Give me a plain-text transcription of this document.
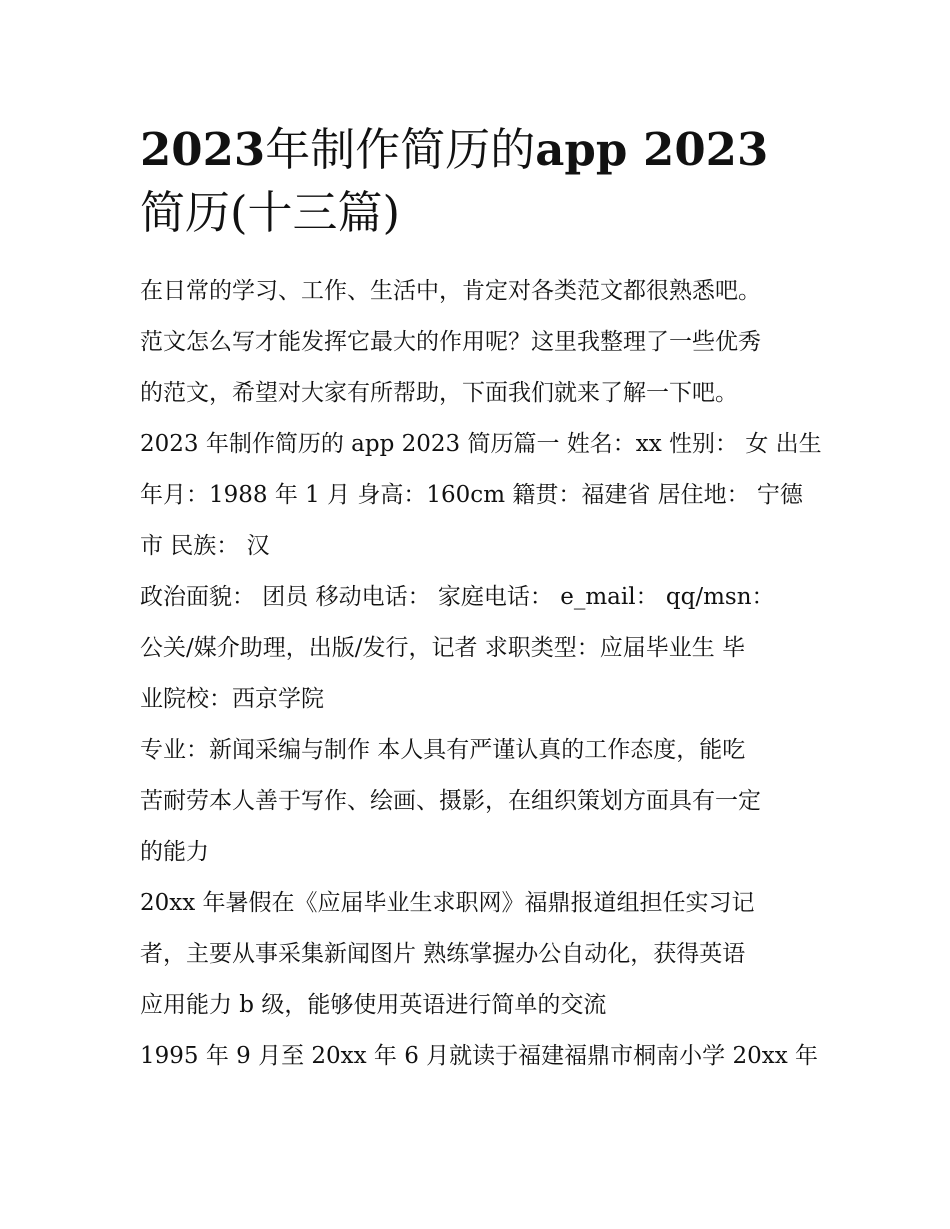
2023年制作简历的app 2023
简历(十三篇)

在日常的学习、工作、生活中，肯定对各类范文都很熟悉吧。
范文怎么写才能发挥它最大的作用呢？这里我整理了一些优秀
的范文，希望对大家有所帮助，下面我们就来了解一下吧。

2023 年制作简历的 app 2023 简历篇一 姓名：xx 性别： 女 出生
年月：1988 年 1 月 身高：160cm 籍贯：福建省 居住地： 宁德
市 民族： 汉

政治面貌： 团员 移动电话： 家庭电话： e_mail： qq/msn：
公关/媒介助理，出版/发行，记者 求职类型：应届毕业生 毕
业院校：西京学院

专业：新闻采编与制作 本人具有严谨认真的工作态度，能吃
苦耐劳本人善于写作、绘画、摄影，在组织策划方面具有一定
的能力

20xx 年暑假在《应届毕业生求职网》福鼎报道组担任实习记
者，主要从事采集新闻图片 熟练掌握办公自动化，获得英语
应用能力 b 级，能够使用英语进行简单的交流

1995 年 9 月至 20xx 年 6 月就读于福建福鼎市桐南小学 20xx 年
